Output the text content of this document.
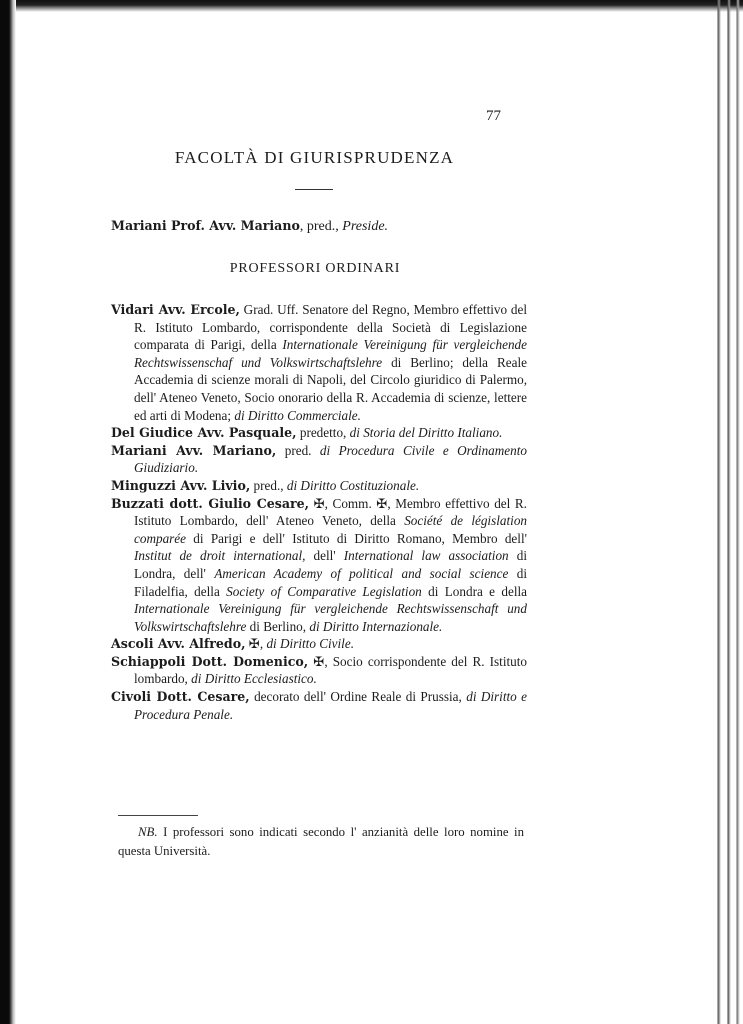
77
FACOLTÀ DI GIURISPRUDENZA
Mariani Prof. Avv. Mariano, pred., Preside.
PROFESSORI ORDINARI

Vidari Avv. Ercole, Grad. Uff. Senatore del Regno, Membro effettivo del R. Istituto Lombardo, corrispondente della Società di Legislazione comparata di Parigi, della Internationale Vereinigung für vergleichende Rechtswissenschaf und Volkswirtschaftslehre di Berlino; della Reale Accademia di scienze morali di Napoli, del Circolo giuridico di Palermo, dell' Ateneo Veneto, Socio onorario della R. Accademia di scienze, lettere ed arti di Modena; di Diritto Commerciale.

Del Giudice Avv. Pasquale, predetto, di Storia del Diritto Italiano.

Mariani Avv. Mariano, pred. di Procedura Civile e Ordinamento Giudiziario.

Minguzzi Avv. Livio, pred., di Diritto Costituzionale.

Buzzati dott. Giulio Cesare, ✠, Comm. ✠, Membro effettivo del R. Istituto Lombardo, dell' Ateneo Veneto, della Société de législation comparée di Parigi e dell' Istituto di Diritto Romano, Membro dell' Institut de droit international, dell' International law association di Londra, dell' American Academy of political and social science di Filadelfia, della Society of Comparative Legislation di Londra e della Internationale Vereinigung für vergleichende Rechtswissenschaft und Volkswirtschaftslehre di Berlino, di Diritto Internazionale.

Ascoli Avv. Alfredo, ✠, di Diritto Civile.

Schiappoli Dott. Domenico, ✠, Socio corrispondente del R. Istituto lombardo, di Diritto Ecclesiastico.

Civoli Dott. Cesare, decorato dell' Ordine Reale di Prussia, di Diritto e Procedura Penale.

NB. I professori sono indicati secondo l' anzianità delle loro nomine in questa Università.
